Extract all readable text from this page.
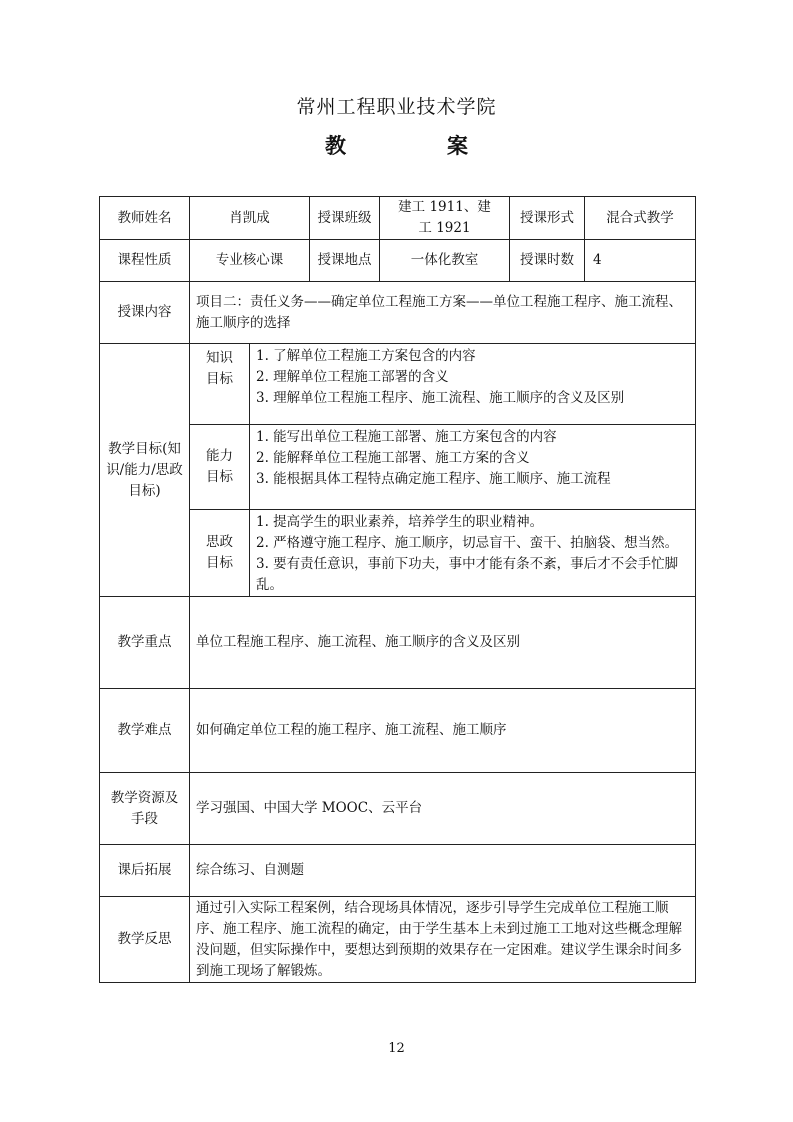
常州工程职业技术学院
教　案
教师姓名	肖凯成		授课班级	建工 1911、建工 1921	授课形式	混合式教学
课程性质	专业核心课		授课地点	一体化教室	授课时数	4
授课内容	项目二：责任义务——确定单位工程施工方案——单位工程施工程序、施工流程、施工顺序的选择					
教学目标(知识/能力/思政目标)	知识目标	1. 了解单位工程施工方案包含的内容
2. 理解单位工程施工部署的含义
3. 理解单位工程施工程序、施工流程、施工顺序的含义及区别				

	能力目标	1. 能写出单位工程施工部署、施工方案包含的内容
2. 能解释单位工程施工部署、施工方案的含义
3. 能根据具体工程特点确定施工程序、施工顺序、施工流程				

	思政目标	1. 提高学生的职业素养，培养学生的职业精神。
2. 严格遵守施工程序、施工顺序，切忌盲干、蛮干、拍脑袋、想当然。
3. 要有责任意识，事前下功夫，事中才能有条不紊，事后才不会手忙脚乱。				

教学重点	单位工程施工程序、施工流程、施工顺序的含义及区别					
教学难点	如何确定单位工程的施工程序、施工流程、施工顺序					
教学资源及手段	学习强国、中国大学 MOOC、云平台					
课后拓展	综合练习、自测题					
教学反思	通过引入实际工程案例，结合现场具体情况，逐步引导学生完成单位工程施工顺序、施工程序、施工流程的确定，由于学生基本上未到过施工工地对这些概念理解没问题，但实际操作中，要想达到预期的效果存在一定困难。建议学生课余时间多到施工现场了解锻炼。					
12
